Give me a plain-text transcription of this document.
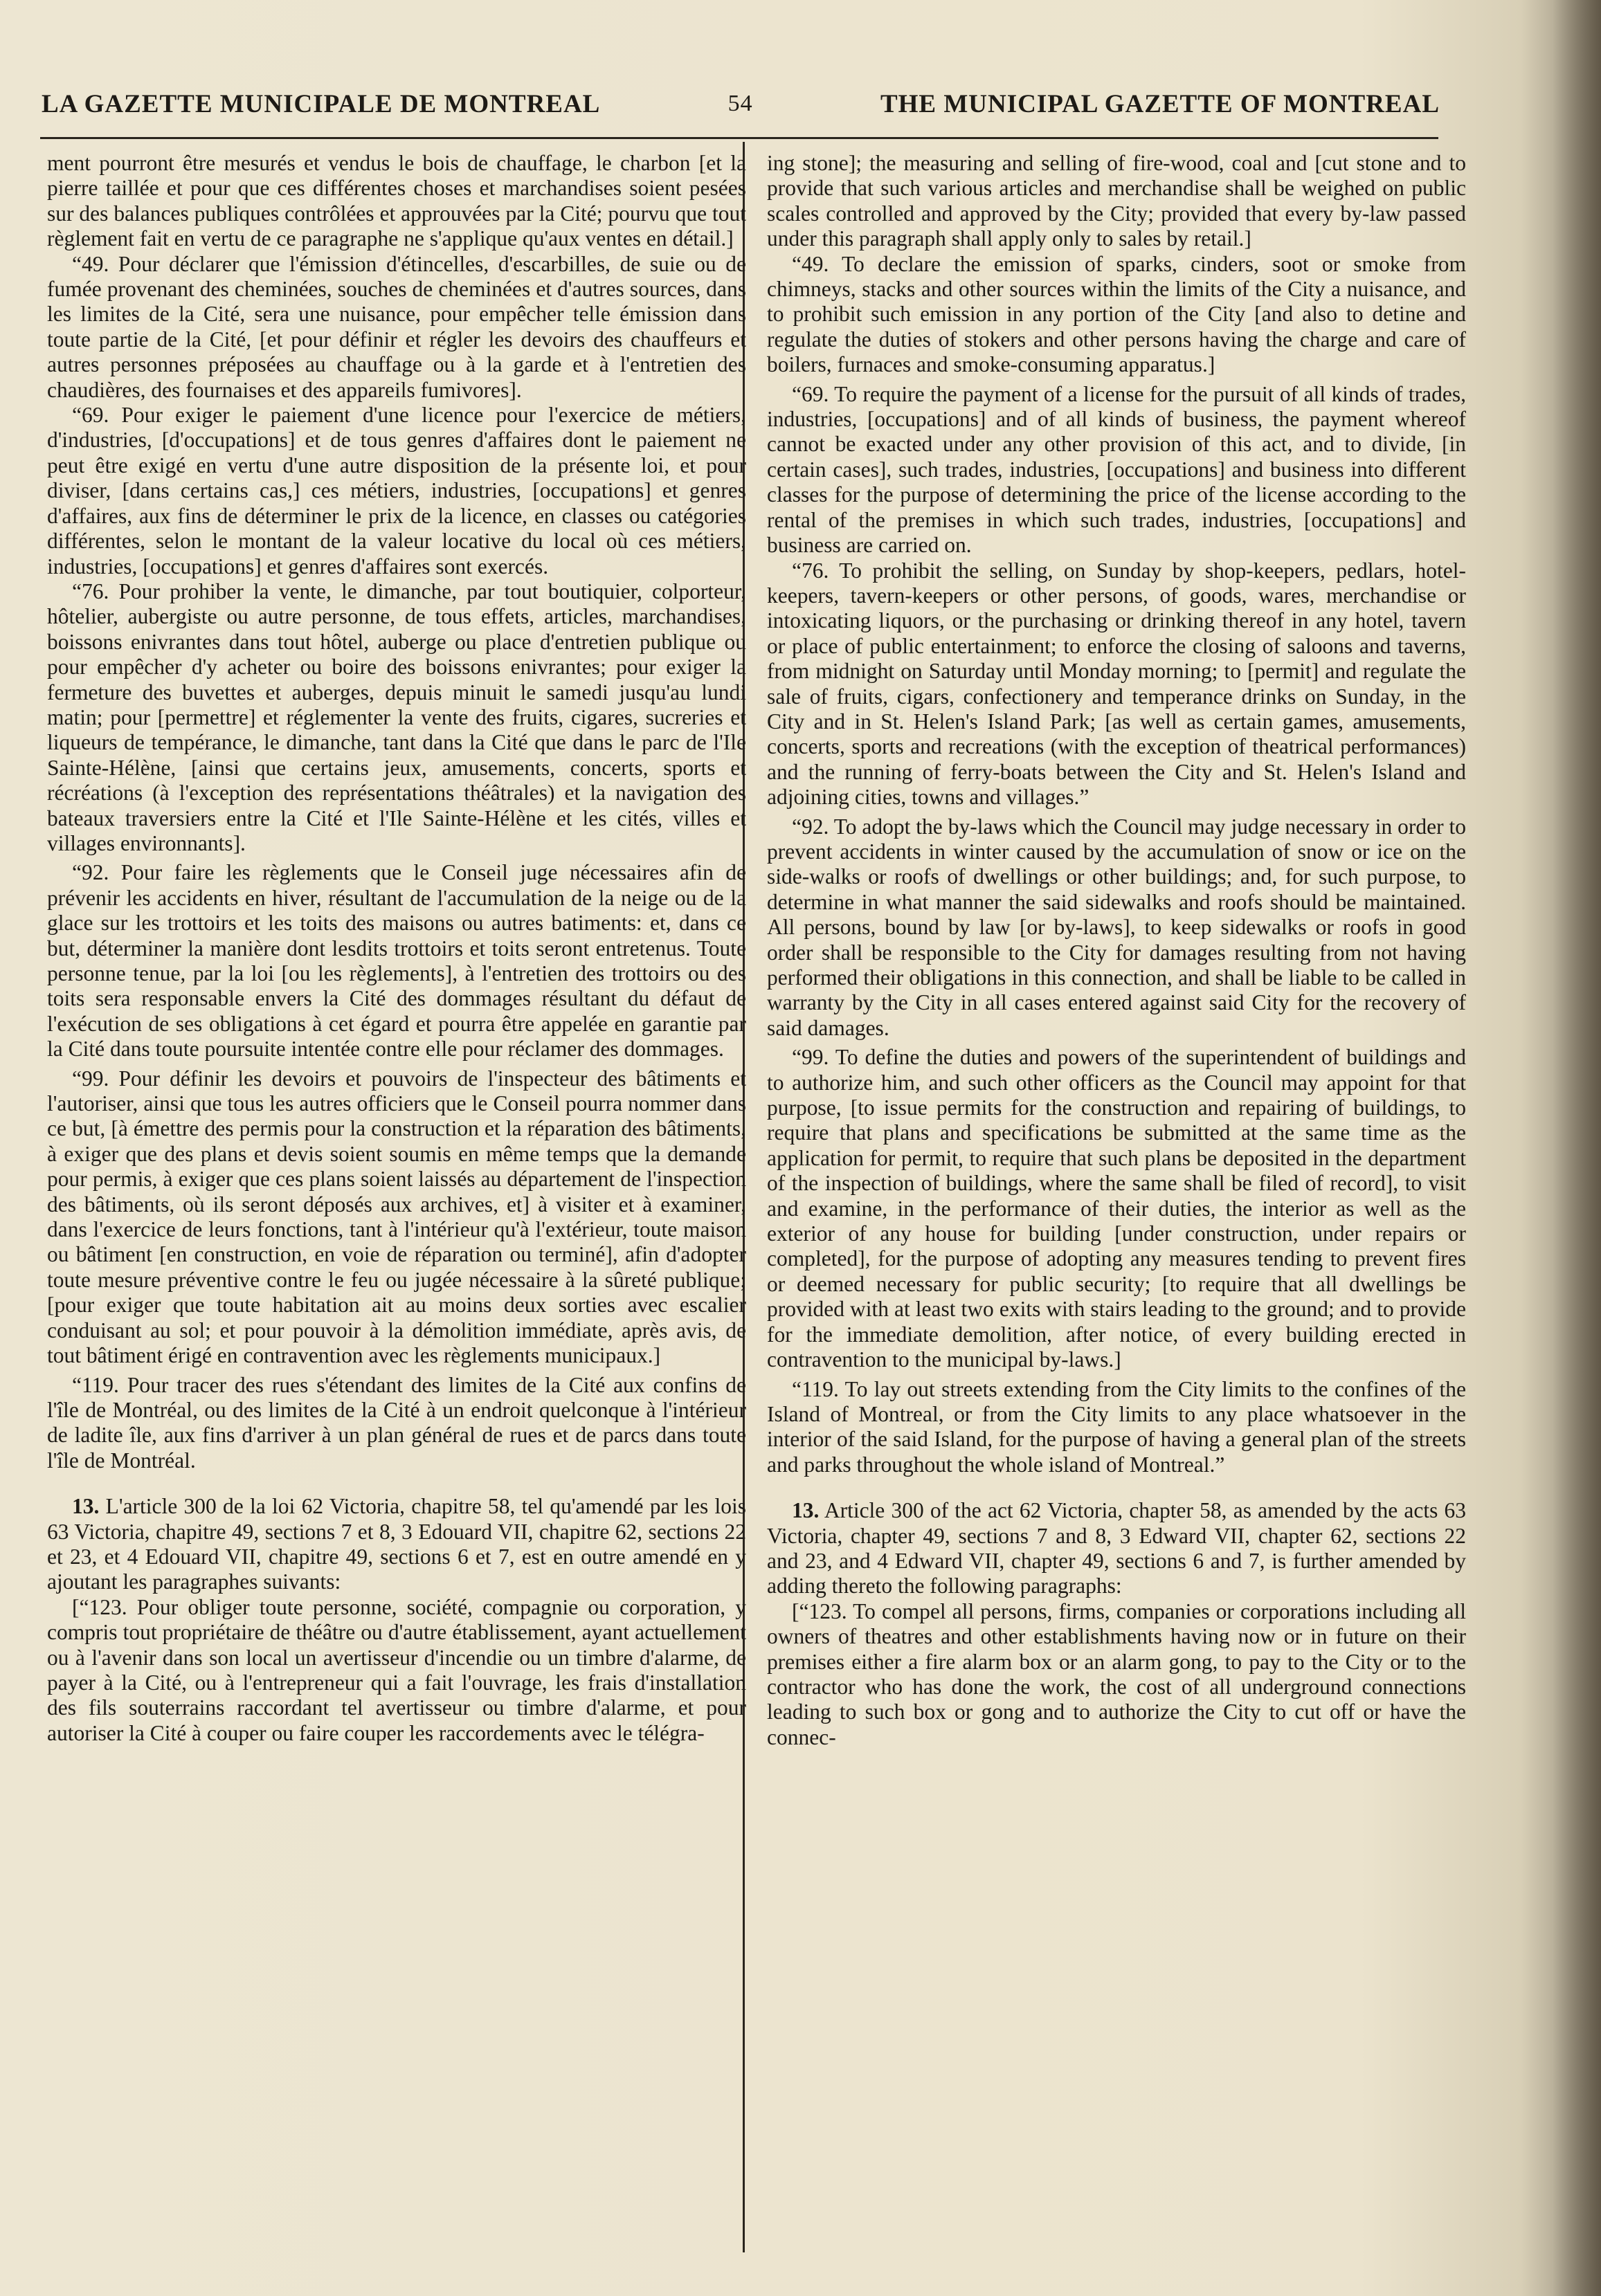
LA GAZETTE MUNICIPALE DE MONTREAL	54	THE MUNICIPAL GAZETTE OF MONTREAL

ment pourront être mesurés et vendus le bois de chauffage, le charbon [et la pierre taillée et pour que ces différentes choses et marchandises soient pesées sur des balances publiques contrôlées et approuvées par la Cité; pourvu que tout règlement fait en vertu de ce paragraphe ne s'applique qu'aux ventes en détail.]

“49. Pour déclarer que l'émission d'étincelles, d'escarbilles, de suie ou de fumée provenant des cheminées, souches de cheminées et d'autres sources, dans les limites de la Cité, sera une nuisance, pour empêcher telle émission dans toute partie de la Cité, [et pour définir et régler les devoirs des chauffeurs et autres personnes préposées au chauffage ou à la garde et à l'entretien des chaudières, des fournaises et des appareils fumivores].

“69. Pour exiger le paiement d'une licence pour l'exercice de métiers, d'industries, [d'occupations] et de tous genres d'affaires dont le paiement ne peut être exigé en vertu d'une autre disposition de la présente loi, et pour diviser, [dans certains cas,] ces métiers, industries, [occupations] et genres d'affaires, aux fins de déterminer le prix de la licence, en classes ou catégories différentes, selon le montant de la valeur locative du local où ces métiers, industries, [occupations] et genres d'affaires sont exercés.

“76. Pour prohiber la vente, le dimanche, par tout boutiquier, colporteur, hôtelier, aubergiste ou autre personne, de tous effets, articles, marchandises, boissons enivrantes dans tout hôtel, auberge ou place d'entretien publique ou pour empêcher d'y acheter ou boire des boissons enivrantes; pour exiger la fermeture des buvettes et auberges, depuis minuit le samedi jusqu'au lundi matin; pour [permettre] et réglementer la vente des fruits, cigares, sucreries et liqueurs de tempérance, le dimanche, tant dans la Cité que dans le parc de l'Ile Sainte-Hélène, [ainsi que certains jeux, amusements, concerts, sports et récréations (à l'exception des représentations théâtrales) et la navigation des bateaux traversiers entre la Cité et l'Ile Sainte-Hélène et les cités, villes et villages environnants].

“92. Pour faire les règlements que le Conseil juge nécessaires afin de prévenir les accidents en hiver, résultant de l'accumulation de la neige ou de la glace sur les trottoirs et les toits des maisons ou autres batiments: et, dans ce but, déterminer la manière dont lesdits trottoirs et toits seront entretenus. Toute personne tenue, par la loi [ou les règlements], à l'entretien des trottoirs ou des toits sera responsable envers la Cité des dommages résultant du défaut de l'exécution de ses obligations à cet égard et pourra être appelée en garantie par la Cité dans toute poursuite intentée contre elle pour réclamer des dommages.

“99. Pour définir les devoirs et pouvoirs de l'inspecteur des bâtiments et l'autoriser, ainsi que tous les autres officiers que le Conseil pourra nommer dans ce but, [à émettre des permis pour la construction et la réparation des bâtiments, à exiger que des plans et devis soient soumis en même temps que la demande pour permis, à exiger que ces plans soient laissés au département de l'inspection des bâtiments, où ils seront déposés aux archives, et] à visiter et à examiner, dans l'exercice de leurs fonctions, tant à l'intérieur qu'à l'extérieur, toute maison ou bâtiment [en construction, en voie de réparation ou terminé], afin d'adopter toute mesure préventive contre le feu ou jugée nécessaire à la sûreté publique; [pour exiger que toute habitation ait au moins deux sorties avec escalier conduisant au sol; et pour pouvoir à la démolition immédiate, après avis, de tout bâtiment érigé en contravention avec les règlements municipaux.]

“119. Pour tracer des rues s'étendant des limites de la Cité aux confins de l'île de Montréal, ou des limites de la Cité à un endroit quelconque à l'intérieur de ladite île, aux fins d'arriver à un plan général de rues et de parcs dans toute l'île de Montréal.

13. L'article 300 de la loi 62 Victoria, chapitre 58, tel qu'amendé par les lois 63 Victoria, chapitre 49, sections 7 et 8, 3 Edouard VII, chapitre 62, sections 22 et 23, et 4 Edouard VII, chapitre 49, sections 6 et 7, est en outre amendé en y ajoutant les paragraphes suivants:

[“123. Pour obliger toute personne, société, compagnie ou corporation, y compris tout propriétaire de théâtre ou d'autre établissement, ayant actuellement ou à l'avenir dans son local un avertisseur d'incendie ou un timbre d'alarme, de payer à la Cité, ou à l'entrepreneur qui a fait l'ouvrage, les frais d'installation des fils souterrains raccordant tel avertisseur ou timbre d'alarme, et pour autoriser la Cité à couper ou faire couper les raccordements avec le télégra-

ing stone]; the measuring and selling of fire-wood, coal and [cut stone and to provide that such various articles and merchandise shall be weighed on public scales controlled and approved by the City; provided that every by-law passed under this paragraph shall apply only to sales by retail.]

“49. To declare the emission of sparks, cinders, soot or smoke from chimneys, stacks and other sources within the limits of the City a nuisance, and to prohibit such emission in any portion of the City [and also to detine and regulate the duties of stokers and other persons having the charge and care of boilers, furnaces and smoke-consuming apparatus.]

“69. To require the payment of a license for the pursuit of all kinds of trades, industries, [occupations] and of all kinds of business, the payment whereof cannot be exacted under any other provision of this act, and to divide, [in certain cases], such trades, industries, [occupations] and business into different classes for the purpose of determining the price of the license according to the rental of the premises in which such trades, industries, [occupations] and business are carried on.

“76. To prohibit the selling, on Sunday by shop-keepers, pedlars, hotel-keepers, tavern-keepers or other persons, of goods, wares, merchandise or intoxicating liquors, or the purchasing or drinking thereof in any hotel, tavern or place of public entertainment; to enforce the closing of saloons and taverns, from midnight on Saturday until Monday morning; to [permit] and regulate the sale of fruits, cigars, confectionery and temperance drinks on Sunday, in the City and in St. Helen's Island Park; [as well as certain games, amusements, concerts, sports and recreations (with the exception of theatrical performances) and the running of ferry-boats between the City and St. Helen's Island and adjoining cities, towns and villages.”

“92. To adopt the by-laws which the Council may judge necessary in order to prevent accidents in winter caused by the accumulation of snow or ice on the side-walks or roofs of dwellings or other buildings; and, for such purpose, to determine in what manner the said sidewalks and roofs should be maintained. All persons, bound by law [or by-laws], to keep sidewalks or roofs in good order shall be responsible to the City for damages resulting from not having performed their obligations in this connection, and shall be liable to be called in warranty by the City in all cases entered against said City for the recovery of said damages.

“99. To define the duties and powers of the superintendent of buildings and to authorize him, and such other officers as the Council may appoint for that purpose, [to issue permits for the construction and repairing of buildings, to require that plans and specifications be submitted at the same time as the application for permit, to require that such plans be deposited in the department of the inspection of buildings, where the same shall be filed of record], to visit and examine, in the performance of their duties, the interior as well as the exterior of any house for building [under construction, under repairs or completed], for the purpose of adopting any measures tending to prevent fires or deemed necessary for public security; [to require that all dwellings be provided with at least two exits with stairs leading to the ground; and to provide for the immediate demolition, after notice, of every building erected in contravention to the municipal by-laws.]

“119. To lay out streets extending from the City limits to the confines of the Island of Montreal, or from the City limits to any place whatsoever in the interior of the said Island, for the purpose of having a general plan of the streets and parks throughout the whole island of Montreal.”

13. Article 300 of the act 62 Victoria, chapter 58, as amended by the acts 63 Victoria, chapter 49, sections 7 and 8, 3 Edward VII, chapter 62, sections 22 and 23, and 4 Edward VII, chapter 49, sections 6 and 7, is further amended by adding thereto the following paragraphs:

[“123. To compel all persons, firms, companies or corporations including all owners of theatres and other establishments having now or in future on their premises either a fire alarm box or an alarm gong, to pay to the City or to the contractor who has done the work, the cost of all underground connections leading to such box or gong and to authorize the City to cut off or have the connec-
